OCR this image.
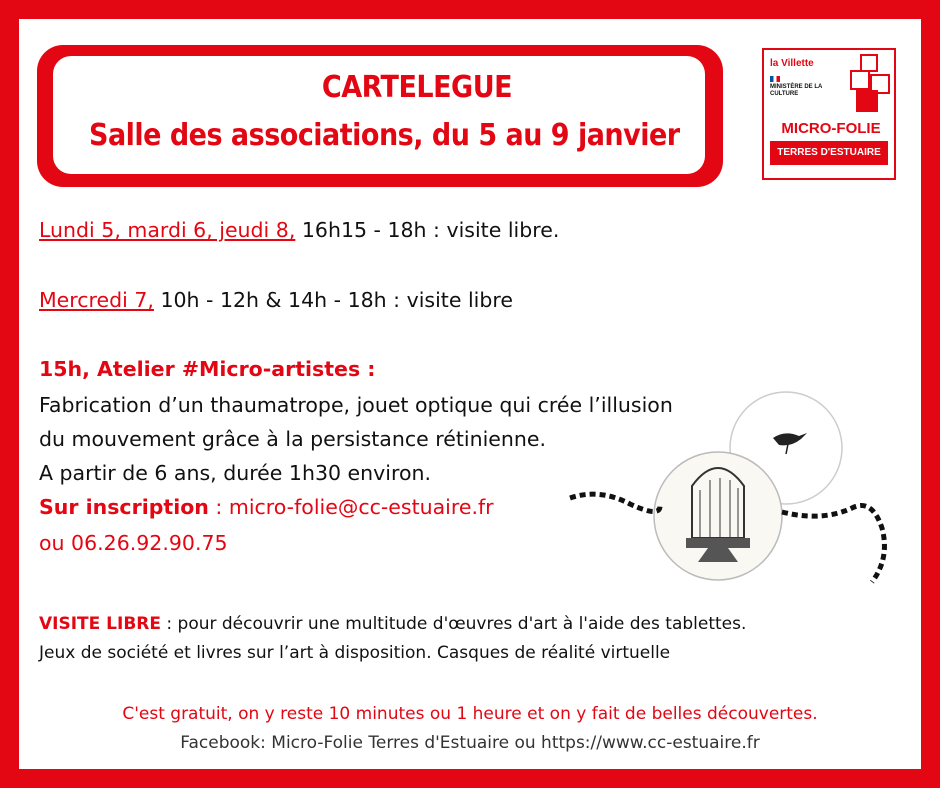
CARTELEGUE
Salle des associations, du 5 au 9 janvier
la Villette
MINISTÈRE DE LA CULTURE
MICRO-FOLIE
TERRES D'ESTUAIRE
Lundi 5, mardi 6, jeudi 8, 16h15 - 18h : visite libre.
Mercredi 7, 10h - 12h & 14h - 18h : visite libre
15h, Atelier #Micro-artistes :
Fabrication d’un thaumatrope, jouet optique qui crée l’illusion
du mouvement grâce à la persistance rétinienne.
A partir de 6 ans, durée 1h30 environ.
Sur inscription : micro-folie@cc-estuaire.fr
ou 06.26.92.90.75
VISITE LIBRE : pour découvrir une multitude d'œuvres d'art à l'aide des tablettes.
Jeux de société et livres sur l’art à disposition. Casques de réalité virtuelle
C'est gratuit, on y reste 10 minutes ou 1 heure et on y fait de belles découvertes.
Facebook: Micro-Folie Terres d'Estuaire ou https://www.cc-estuaire.fr
